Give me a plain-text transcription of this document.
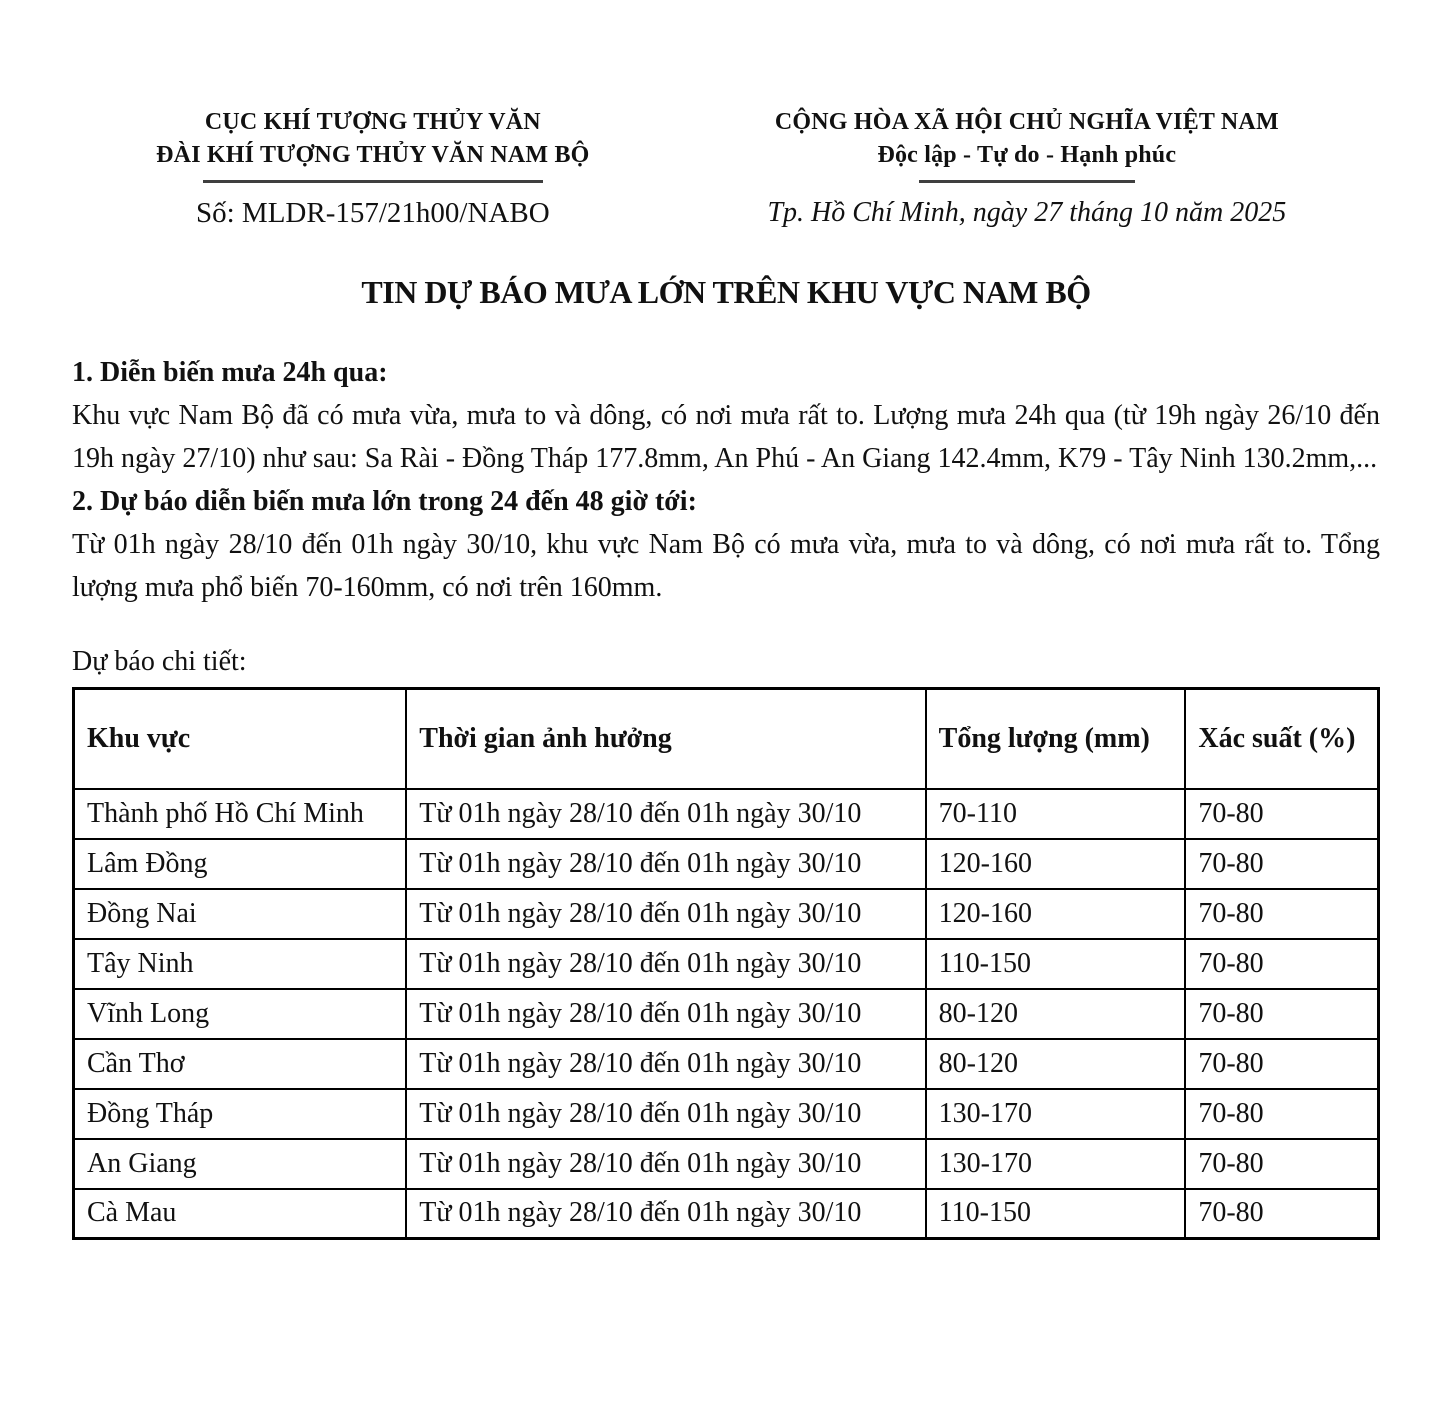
CỤC KHÍ TƯỢNG THỦY VĂN
ĐÀI KHÍ TƯỢNG THỦY VĂN NAM BỘ
Số: MLDR-157/21h00/NABO
CỘNG HÒA XÃ HỘI CHỦ NGHĨA VIỆT NAM
Độc lập - Tự do - Hạnh phúc
Tp. Hồ Chí Minh, ngày 27 tháng 10 năm 2025
TIN DỰ BÁO MƯA LỚN TRÊN KHU VỰC NAM BỘ
1. Diễn biến mưa 24h qua:
Khu vực Nam Bộ đã có mưa vừa, mưa to và dông, có nơi mưa rất to. Lượng mưa 24h qua (từ 19h ngày 26/10 đến 19h ngày 27/10) như sau: Sa Rài - Đồng Tháp 177.8mm, An Phú - An Giang 142.4mm, K79 - Tây Ninh 130.2mm,...
2. Dự báo diễn biến mưa lớn trong 24 đến 48 giờ tới:
Từ 01h ngày 28/10 đến 01h ngày 30/10, khu vực Nam Bộ có mưa vừa, mưa to và dông, có nơi mưa rất to. Tổng lượng mưa phổ biến 70-160mm, có nơi trên 160mm.
Dự báo chi tiết:
Khu vực	Thời gian ảnh hưởng	Tổng lượng (mm)	Xác suất (%)
Thành phố Hồ Chí Minh	Từ 01h ngày 28/10 đến 01h ngày 30/10	70-110	70-80
Lâm Đồng	Từ 01h ngày 28/10 đến 01h ngày 30/10	120-160	70-80
Đồng Nai	Từ 01h ngày 28/10 đến 01h ngày 30/10	120-160	70-80
Tây Ninh	Từ 01h ngày 28/10 đến 01h ngày 30/10	110-150	70-80
Vĩnh Long	Từ 01h ngày 28/10 đến 01h ngày 30/10	80-120	70-80
Cần Thơ	Từ 01h ngày 28/10 đến 01h ngày 30/10	80-120	70-80
Đồng Tháp	Từ 01h ngày 28/10 đến 01h ngày 30/10	130-170	70-80
An Giang	Từ 01h ngày 28/10 đến 01h ngày 30/10	130-170	70-80
Cà Mau	Từ 01h ngày 28/10 đến 01h ngày 30/10	110-150	70-80
